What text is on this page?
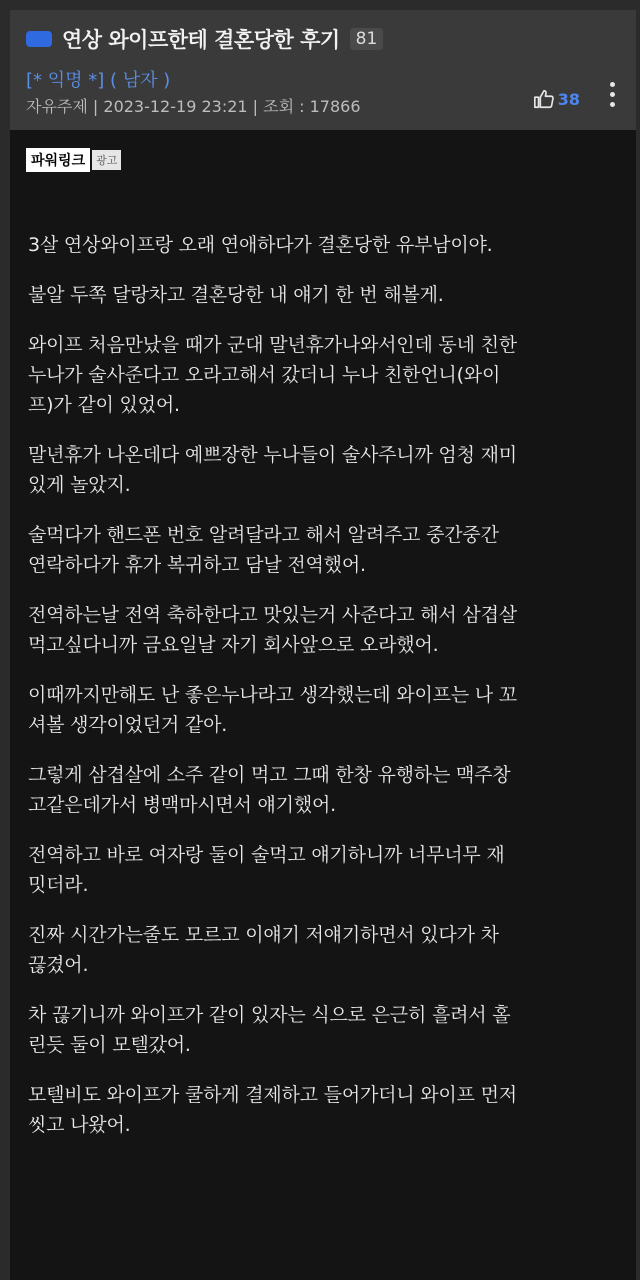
연상 와이프한테 결혼당한 후기 81
[* 익명 *] ( 남자 )
자유주제 | 2023-12-19 23:21 | 조회 : 17866	38
파워링크	광고

3살 연상와이프랑 오래 연애하다가 결혼당한 유부남이야.

불알 두쪽 달랑차고 결혼당한 내 얘기 한 번 해볼게.

와이프 처음만났을 때가 군대 말년휴가나와서인데 동네 친한
누나가 술사준다고 오라고해서 갔더니 누나 친한언니(와이
프)가 같이 있었어.

말년휴가 나온데다 예쁘장한 누나들이 술사주니까 엄청 재미
있게 놀았지.

술먹다가 핸드폰 번호 알려달라고 해서 알려주고 중간중간
연락하다가 휴가 복귀하고 담날 전역했어.

전역하는날 전역 축하한다고 맛있는거 사준다고 해서 삼겹살
먹고싶다니까 금요일날 자기 회사앞으로 오라했어.

이때까지만해도 난 좋은누나라고 생각했는데 와이프는 나 꼬
셔볼 생각이었던거 같아.

그렇게 삼겹살에 소주 같이 먹고 그때 한창 유행하는 맥주창
고같은데가서 병맥마시면서 얘기했어.

전역하고 바로 여자랑 둘이 술먹고 얘기하니까 너무너무 재
밋더라.

진짜 시간가는줄도 모르고 이얘기 저얘기하면서 있다가 차
끊겼어.

차 끊기니까 와이프가 같이 있자는 식으로 은근히 흘려서 홀
린듯 둘이 모텔갔어.

모텔비도 와이프가 쿨하게 결제하고 들어가더니 와이프 먼저
씻고 나왔어.
